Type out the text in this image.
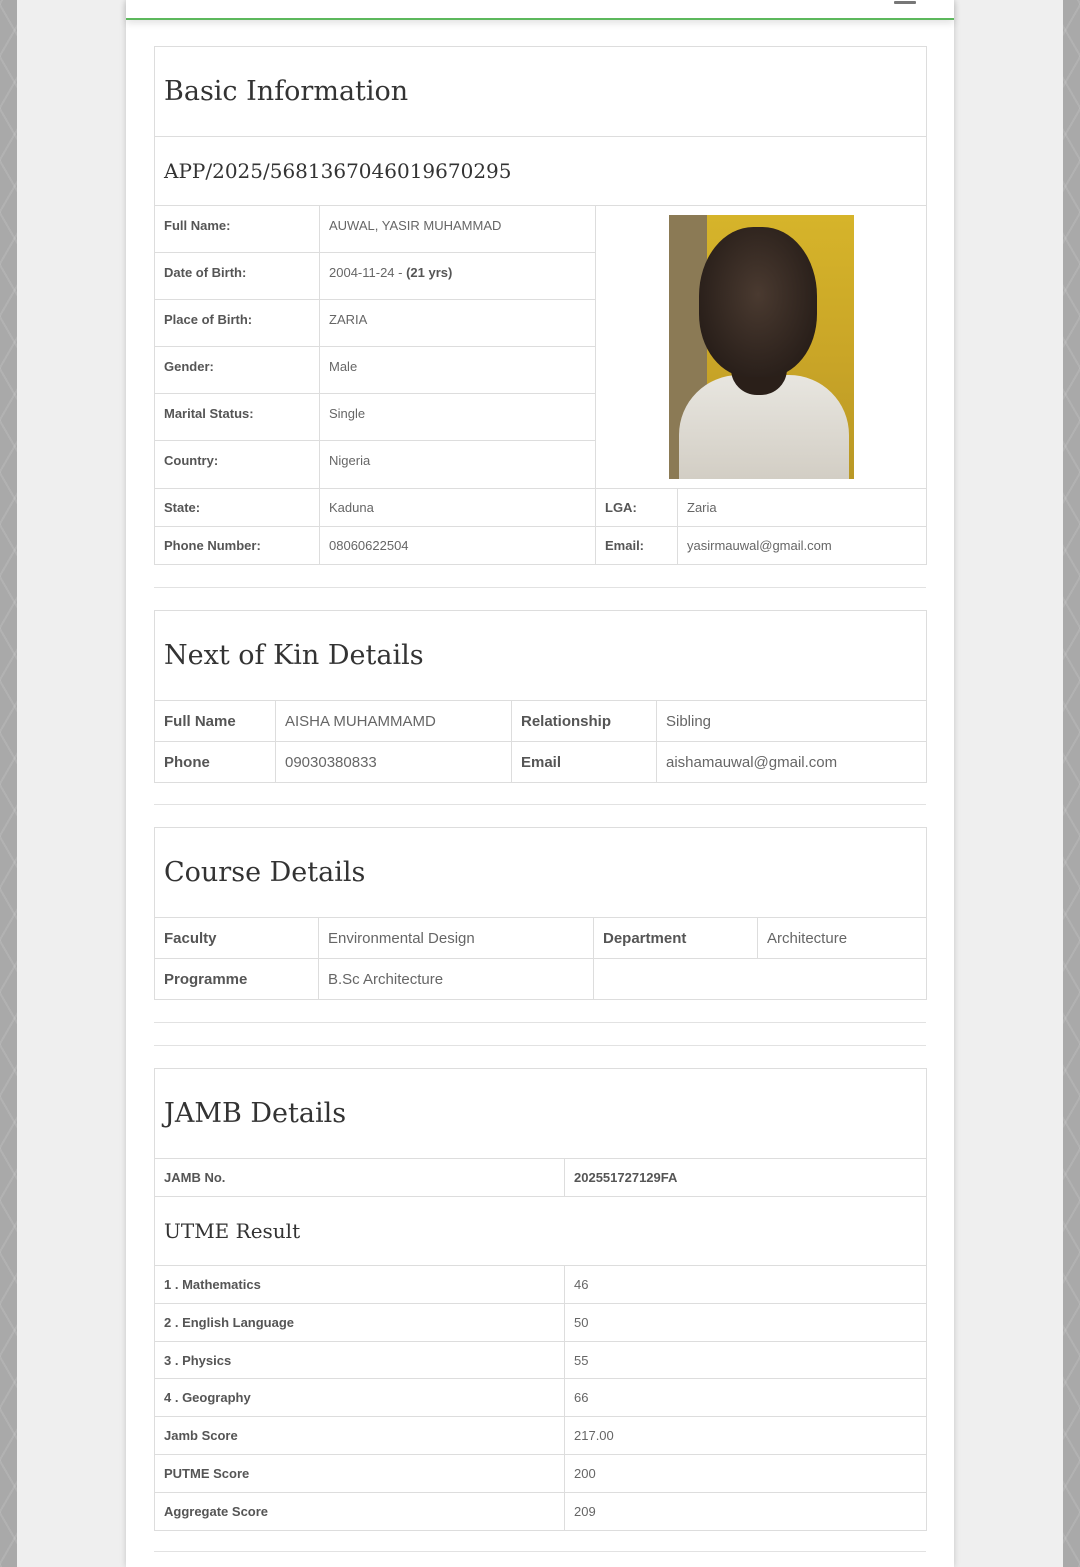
Basic Information			
APP/2025/5681367046019670295			
Full Name:	AUWAL, YASIR MUHAMMAD		

Date of Birth:	2004-11-24 - (21 yrs)		
Place of Birth:	ZARIA		
Gender:	Male		
Marital Status:	Single		
Country:	Nigeria		
State:	Kaduna	LGA:	Zaria
Phone Number:	08060622504	Email:	yasirmauwal@gmail.com
Next of Kin Details			
Full Name	AISHA MUHAMMAMD	Relationship	Sibling
Phone	09030380833	Email	aishamauwal@gmail.com
Course Details			
Faculty	Environmental Design	Department	Architecture
Programme	B.Sc Architecture		
JAMB Details	
JAMB No.	202551727129FA
UTME Result	
1 . Mathematics	46
2 . English Language	50
3 . Physics	55
4 . Geography	66
Jamb Score	217.00
PUTME Score	200
Aggregate Score	209
